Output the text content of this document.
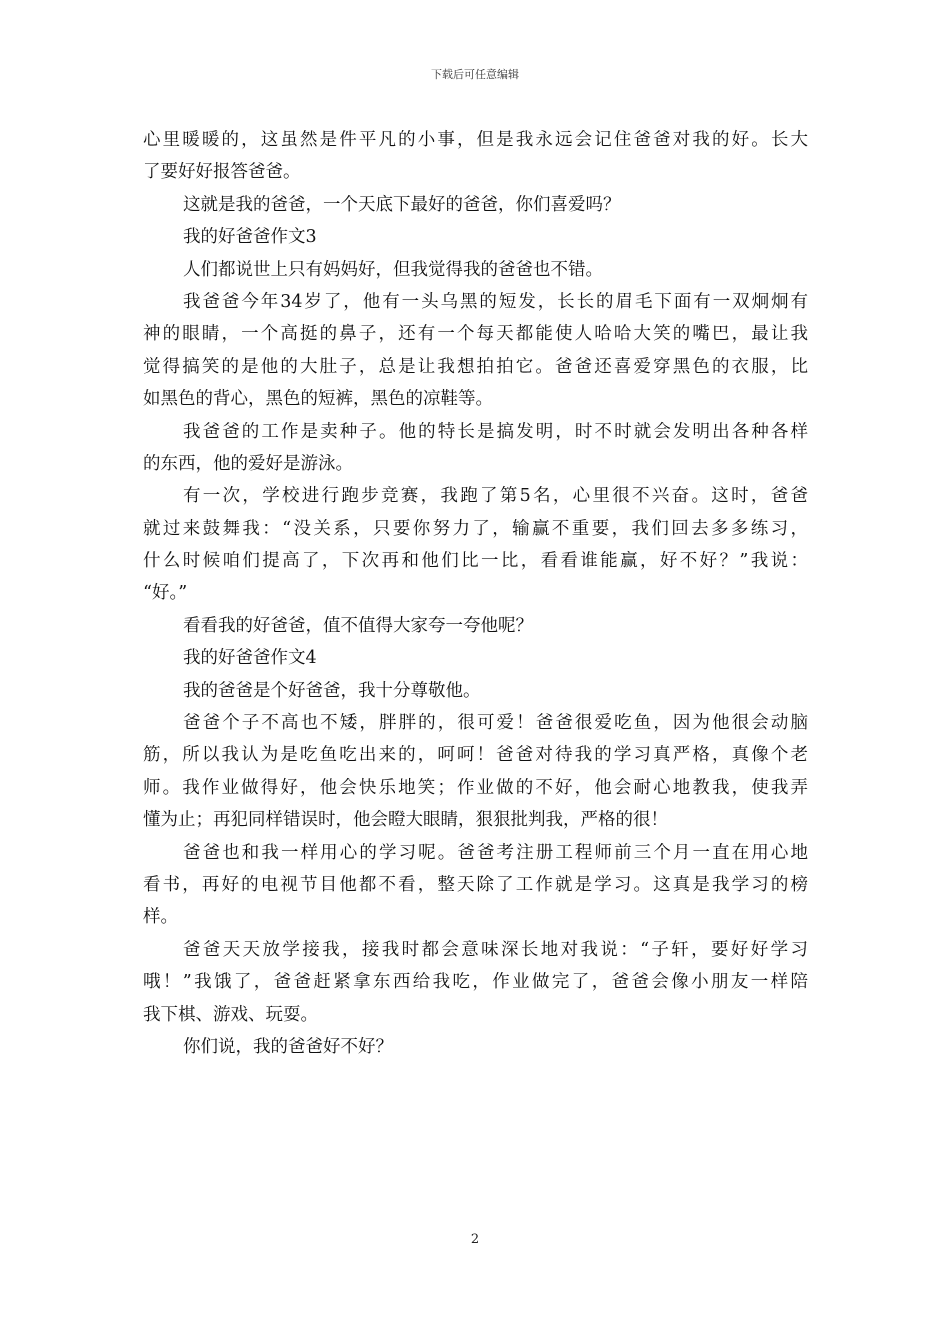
下载后可任意编辑
心里暖暖的，这虽然是件平凡的小事，但是我永远会记住爸爸对我的好。长大
了要好好报答爸爸。
这就是我的爸爸，一个天底下最好的爸爸，你们喜爱吗？
我的好爸爸作文3
人们都说世上只有妈妈好，但我觉得我的爸爸也不错。
我爸爸今年34岁了，他有一头乌黑的短发，长长的眉毛下面有一双炯炯有
神的眼睛，一个高挺的鼻子，还有一个每天都能使人哈哈大笑的嘴巴，最让我
觉得搞笑的是他的大肚子，总是让我想拍拍它。爸爸还喜爱穿黑色的衣服，比
如黑色的背心，黑色的短裤，黑色的凉鞋等。
我爸爸的工作是卖种子。他的特长是搞发明，时不时就会发明出各种各样
的东西，他的爱好是游泳。
有一次，学校进行跑步竞赛，我跑了第5名，心里很不兴奋。这时，爸爸
就过来鼓舞我：“没关系，只要你努力了，输赢不重要，我们回去多多练习，
什么时候咱们提高了，下次再和他们比一比，看看谁能赢，好不好？”我说：
“好。”
看看我的好爸爸，值不值得大家夸一夸他呢？
我的好爸爸作文4
我的爸爸是个好爸爸，我十分尊敬他。
爸爸个子不高也不矮，胖胖的，很可爱！爸爸很爱吃鱼，因为他很会动脑
筋，所以我认为是吃鱼吃出来的，呵呵！爸爸对待我的学习真严格，真像个老
师。我作业做得好，他会快乐地笑；作业做的不好，他会耐心地教我，使我弄
懂为止；再犯同样错误时，他会瞪大眼睛，狠狠批判我，严格的很！
爸爸也和我一样用心的学习呢。爸爸考注册工程师前三个月一直在用心地
看书，再好的电视节目他都不看，整天除了工作就是学习。这真是我学习的榜
样。
爸爸天天放学接我，接我时都会意味深长地对我说：“子轩，要好好学习
哦！”我饿了，爸爸赶紧拿东西给我吃，作业做完了，爸爸会像小朋友一样陪
我下棋、游戏、玩耍。
你们说，我的爸爸好不好？
2
